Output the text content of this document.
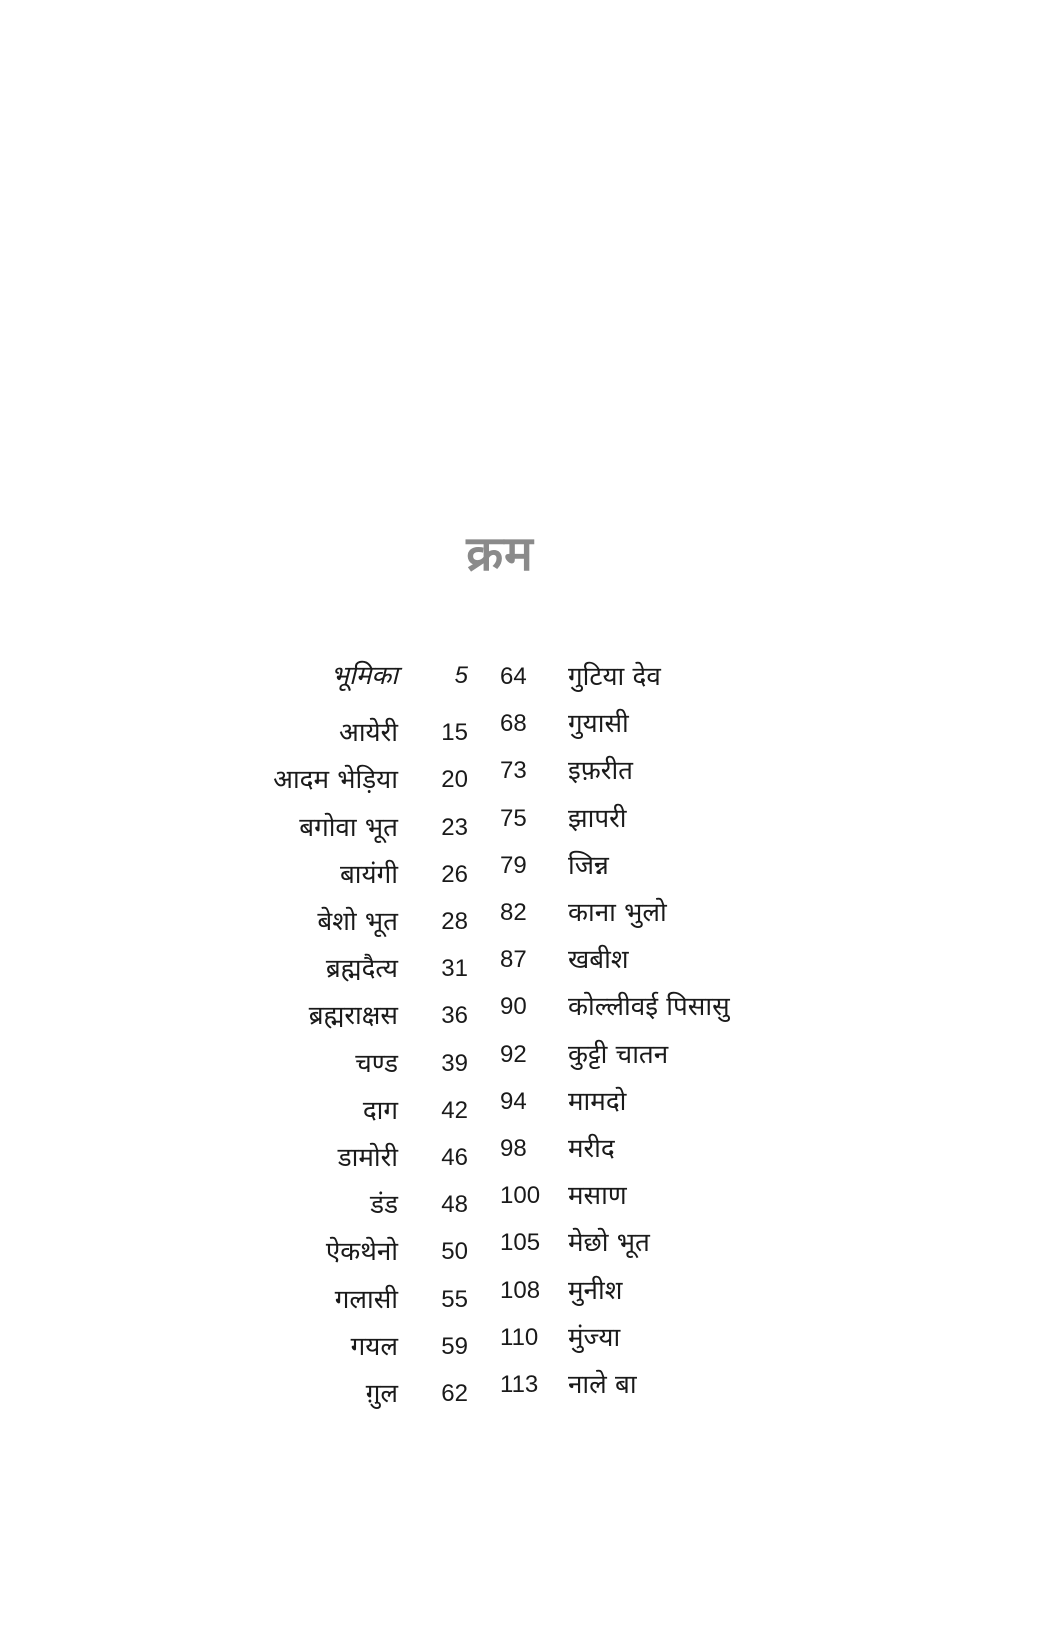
क्रम
भूमिका	5
आयेरी	15
आदम भेड़िया	20
बगोवा भूत	23
बायंगी	26
बेशो भूत	28
ब्रह्मदैत्य	31
ब्रह्मराक्षस	36
चण्ड	39
दाग	42
डामोरी	46
डंड	48
ऐकथेनो	50
गलासी	55
गयल	59
ग़ुल	62
64	गुटिया देव
68	गुयासी
73	इफ़रीत
75	झापरी
79	जिन्न
82	काना भुलो
87	खबीश
90	कोल्लीवई पिसासु
92	कुट्टी चातन
94	मामदो
98	मरीद
100	मसाण
105	मेछो भूत
108	मुनीश
110	मुंज्या
113	नाले बा
